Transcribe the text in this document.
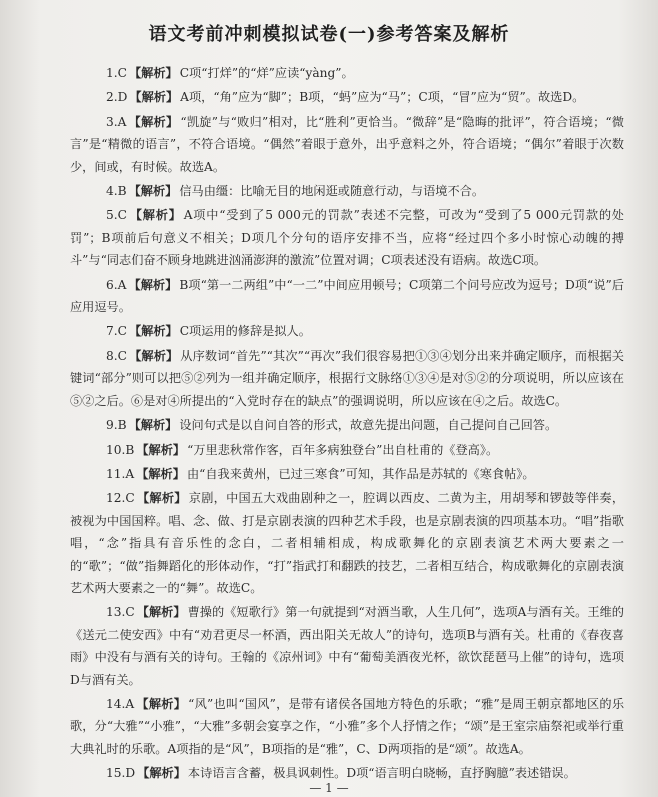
语文考前冲刺模拟试卷(一)参考答案及解析

1.C 【解析】 C项“打烊”的“烊”应读“yàng”。

2.D 【解析】 A项，“角”应为“脚”；B项，“蚂”应为“马”；C项，“冒”应为“贸”。故选D。

3.A 【解析】 “凯旋”与“败归”相对，比“胜利”更恰当。“微辞”是“隐晦的批评”，符合语境；“微言”是“精微的语言”，不符合语境。“偶然”着眼于意外，出乎意料之外，符合语境；“偶尔”着眼于次数少，间或，有时候。故选A。

4.B 【解析】 信马由缰：比喻无目的地闲逛或随意行动，与语境不合。

5.C 【解析】 A项中“受到了5 000元的罚款”表述不完整，可改为“受到了5 000元罚款的处罚”；B项前后句意义不相关；D项几个分句的语序安排不当，应将“经过四个多小时惊心动魄的搏斗”与“同志们奋不顾身地跳进汹涌澎湃的激流”位置对调；C项表述没有语病。故选C项。

6.A 【解析】 B项“第一二两组”中“一二”中间应用顿号；C项第二个问号应改为逗号；D项“说”后应用逗号。

7.C 【解析】 C项运用的修辞是拟人。

8.C 【解析】 从序数词“首先”“其次”“再次”我们很容易把①③④划分出来并确定顺序，而根据关键词“部分”则可以把⑤②列为一组并确定顺序，根据行文脉络①③④是对⑤②的分项说明，所以应该在⑤②之后。⑥是对④所提出的“入党时存在的缺点”的强调说明，所以应该在④之后。故选C。

9.B 【解析】 设问句式是以自问自答的形式，故意先提出问题，自己提问自己回答。

10.B 【解析】 “万里悲秋常作客，百年多病独登台”出自杜甫的《登高》。

11.A 【解析】 由“自我来黄州，已过三寒食”可知，其作品是苏轼的《寒食帖》。

12.C 【解析】 京剧，中国五大戏曲剧种之一，腔调以西皮、二黄为主，用胡琴和锣鼓等伴奏，被视为中国国粹。唱、念、做、打是京剧表演的四种艺术手段，也是京剧表演的四项基本功。“唱”指歌唱，“念”指具有音乐性的念白，二者相辅相成，构成歌舞化的京剧表演艺术两大要素之一的“歌”；“做”指舞蹈化的形体动作，“打”指武打和翻跌的技艺，二者相互结合，构成歌舞化的京剧表演艺术两大要素之一的“舞”。故选C。

13.C 【解析】 曹操的《短歌行》第一句就提到“对酒当歌，人生几何”，选项A与酒有关。王维的《送元二使安西》中有“劝君更尽一杯酒，西出阳关无故人”的诗句，选项B与酒有关。杜甫的《春夜喜雨》中没有与酒有关的诗句。王翰的《凉州词》中有“葡萄美酒夜光杯，欲饮琵琶马上催”的诗句，选项D与酒有关。

14.A 【解析】 “风”也叫“国风”，是带有诸侯各国地方特色的乐歌；“雅”是周王朝京都地区的乐歌，分“大雅”“小雅”，“大雅”多朝会宴享之作，“小雅”多个人抒情之作；“颂”是王室宗庙祭祀或举行重大典礼时的乐歌。A项指的是“风”，B项指的是“雅”，C、D两项指的是“颂”。故选A。

15.D 【解析】 本诗语言含蓄，极具讽刺性。D项“语言明白晓畅，直抒胸臆”表述错误。

— 1 —
